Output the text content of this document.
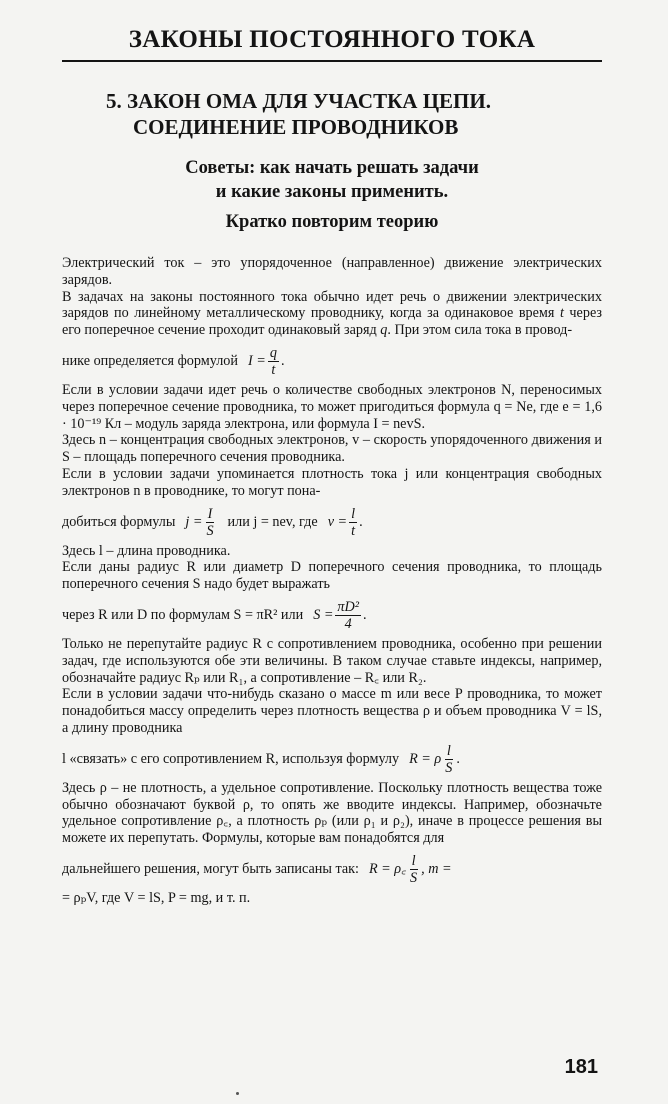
ЗАКОНЫ ПОСТОЯННОГО ТОКА
5. ЗАКОН ОМА ДЛЯ УЧАСТКА ЦЕПИ.
СОЕДИНЕНИЕ ПРОВОДНИКОВ
Советы: как начать решать задачи
и какие законы применить.
Кратко повторим теорию

Электрический ток – это упорядоченное (направленное) движение электрических зарядов.

В задачах на законы постоянного тока обычно идет речь о движении электрических зарядов по линейному металлическому проводнику, когда за одинаковое время t через его поперечное сечение проходит одинаковый заряд q. При этом сила тока в провод-

нике определяется формулой $I = \frac{q}{t}$ .

Если в условии задачи идет речь о количестве свободных электронов N, переносимых через поперечное сечение проводника, то может пригодиться формула q = Ne, где e = 1,6 · 10⁻¹⁹ Кл – модуль заряда электрона, или формула I = nevS.

Здесь n – концентрация свободных электронов, v – скорость упорядоченного движения и S – площадь поперечного сечения проводника.

Если в условии задачи упоминается плотность тока j или концентрация свободных электронов n в проводнике, то могут пона-

добиться формулы $j = \frac{I}{S}$ или j = nev, где $v = \frac{l}{t}$ .

Здесь l – длина проводника.

Если даны радиус R или диаметр D поперечного сечения проводника, то площадь поперечного сечения S надо будет выражать

через R или D по формулам S = πR² или $S = \frac{\text{πD²}}{4}$ .

Только не перепутайте радиус R с сопротивлением проводника, особенно при решении задач, где используются обе эти величины. В таком случае ставьте индексы, например, обозначайте радиус Rₚ или R₁, а сопротивление – R꜀ или R₂.

Если в условии задачи что-нибудь сказано о массе m или весе P проводника, то может понадобиться массу определить через плотность вещества ρ и объем проводника V = lS, а длину проводника

l «связать» с его сопротивлением R, используя формулу R = ρ $\frac{l}{S}$ .

Здесь ρ – не плотность, а удельное сопротивление. Поскольку плотность вещества тоже обычно обозначают буквой ρ, то опять же вводите индексы. Например, обозначьте удельное сопротивление ρ꜀, а плотность ρₚ (или ρ₁ и ρ₂), иначе в процессе решения вы можете их перепутать. Формулы, которые вам понадобятся для

дальнейшего решения, могут быть записаны так: R = ρ꜀ $\frac{l}{S}$ , m =

= ρₚV, где V = lS, P = mg, и т. п.

181
